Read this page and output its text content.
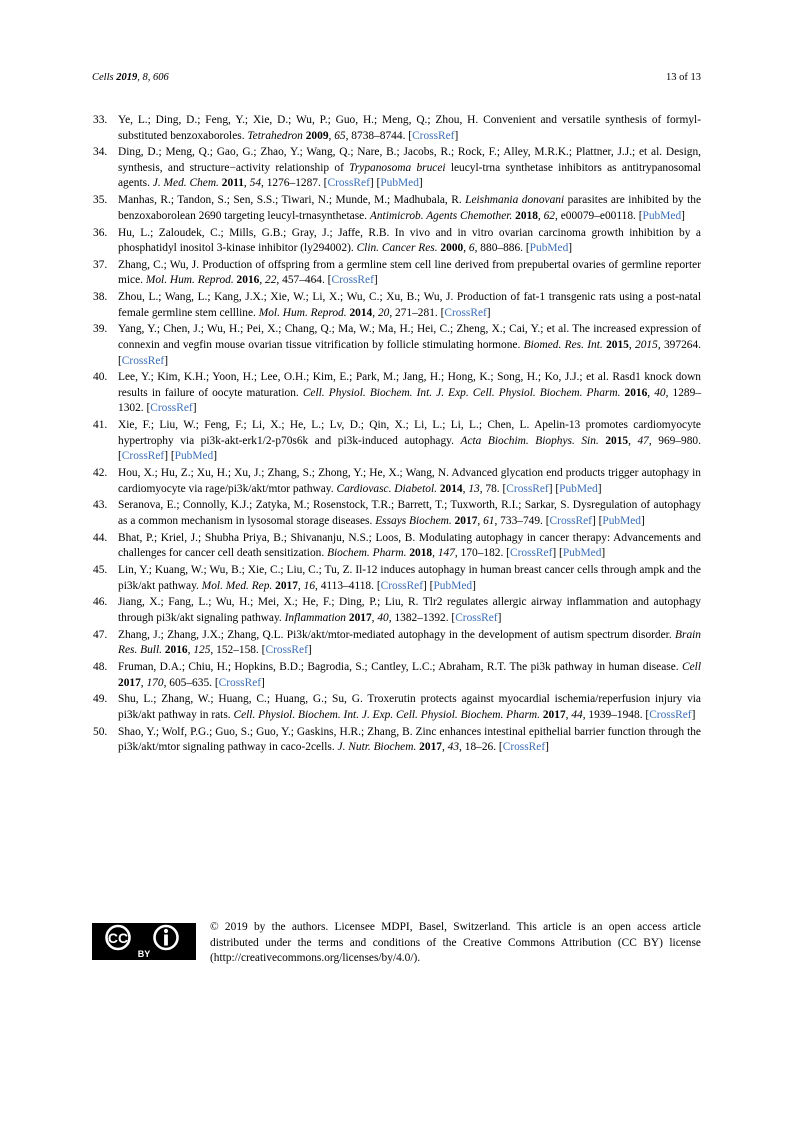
Cells 2019, 8, 606	13 of 13
33. Ye, L.; Ding, D.; Feng, Y.; Xie, D.; Wu, P.; Guo, H.; Meng, Q.; Zhou, H. Convenient and versatile synthesis of formyl-substituted benzoxaboroles. Tetrahedron 2009, 65, 8738–8744. [CrossRef]
34. Ding, D.; Meng, Q.; Gao, G.; Zhao, Y.; Wang, Q.; Nare, B.; Jacobs, R.; Rock, F.; Alley, M.R.K.; Plattner, J.J.; et al. Design, synthesis, and structure−activity relationship of Trypanosoma brucei leucyl-trna synthetase inhibitors as antitrypanosomal agents. J. Med. Chem. 2011, 54, 1276–1287. [CrossRef] [PubMed]
35. Manhas, R.; Tandon, S.; Sen, S.S.; Tiwari, N.; Munde, M.; Madhubala, R. Leishmania donovani parasites are inhibited by the benzoxaborolean 2690 targeting leucyl-trnasynthetase. Antimicrob. Agents Chemother. 2018, 62, e00079–e00118. [PubMed]
36. Hu, L.; Zaloudek, C.; Mills, G.B.; Gray, J.; Jaffe, R.B. In vivo and in vitro ovarian carcinoma growth inhibition by a phosphatidyl inositol 3-kinase inhibitor (ly294002). Clin. Cancer Res. 2000, 6, 880–886. [PubMed]
37. Zhang, C.; Wu, J. Production of offspring from a germline stem cell line derived from prepubertal ovaries of germline reporter mice. Mol. Hum. Reprod. 2016, 22, 457–464. [CrossRef]
38. Zhou, L.; Wang, L.; Kang, J.X.; Xie, W.; Li, X.; Wu, C.; Xu, B.; Wu, J. Production of fat-1 transgenic rats using a post-natal female germline stem cellline. Mol. Hum. Reprod. 2014, 20, 271–281. [CrossRef]
39. Yang, Y.; Chen, J.; Wu, H.; Pei, X.; Chang, Q.; Ma, W.; Ma, H.; Hei, C.; Zheng, X.; Cai, Y.; et al. The increased expression of connexin and vegfin mouse ovarian tissue vitrification by follicle stimulating hormone. Biomed. Res. Int. 2015, 2015, 397264. [CrossRef]
40. Lee, Y.; Kim, K.H.; Yoon, H.; Lee, O.H.; Kim, E.; Park, M.; Jang, H.; Hong, K.; Song, H.; Ko, J.J.; et al. Rasd1 knock down results in failure of oocyte maturation. Cell. Physiol. Biochem. Int. J. Exp. Cell. Physiol. Biochem. Pharm. 2016, 40, 1289–1302. [CrossRef]
41. Xie, F.; Liu, W.; Feng, F.; Li, X.; He, L.; Lv, D.; Qin, X.; Li, L.; Li, L.; Chen, L. Apelin-13 promotes cardiomyocyte hypertrophy via pi3k-akt-erk1/2-p70s6k and pi3k-induced autophagy. Acta Biochim. Biophys. Sin. 2015, 47, 969–980. [CrossRef] [PubMed]
42. Hou, X.; Hu, Z.; Xu, H.; Xu, J.; Zhang, S.; Zhong, Y.; He, X.; Wang, N. Advanced glycation end products trigger autophagy in cardiomyocyte via rage/pi3k/akt/mtor pathway. Cardiovasc. Diabetol. 2014, 13, 78. [CrossRef] [PubMed]
43. Seranova, E.; Connolly, K.J.; Zatyka, M.; Rosenstock, T.R.; Barrett, T.; Tuxworth, R.I.; Sarkar, S. Dysregulation of autophagy as a common mechanism in lysosomal storage diseases. Essays Biochem. 2017, 61, 733–749. [CrossRef] [PubMed]
44. Bhat, P.; Kriel, J.; Shubha Priya, B.; Shivananju, N.S.; Loos, B. Modulating autophagy in cancer therapy: Advancements and challenges for cancer cell death sensitization. Biochem. Pharm. 2018, 147, 170–182. [CrossRef] [PubMed]
45. Lin, Y.; Kuang, W.; Wu, B.; Xie, C.; Liu, C.; Tu, Z. Il-12 induces autophagy in human breast cancer cells through ampk and the pi3k/akt pathway. Mol. Med. Rep. 2017, 16, 4113–4118. [CrossRef] [PubMed]
46. Jiang, X.; Fang, L.; Wu, H.; Mei, X.; He, F.; Ding, P.; Liu, R. Tlr2 regulates allergic airway inflammation and autophagy through pi3k/akt signaling pathway. Inflammation 2017, 40, 1382–1392. [CrossRef]
47. Zhang, J.; Zhang, J.X.; Zhang, Q.L. Pi3k/akt/mtor-mediated autophagy in the development of autism spectrum disorder. Brain Res. Bull. 2016, 125, 152–158. [CrossRef]
48. Fruman, D.A.; Chiu, H.; Hopkins, B.D.; Bagrodia, S.; Cantley, L.C.; Abraham, R.T. The pi3k pathway in human disease. Cell 2017, 170, 605–635. [CrossRef]
49. Shu, L.; Zhang, W.; Huang, C.; Huang, G.; Su, G. Troxerutin protects against myocardial ischemia/reperfusion injury via pi3k/akt pathway in rats. Cell. Physiol. Biochem. Int. J. Exp. Cell. Physiol. Biochem. Pharm. 2017, 44, 1939–1948. [CrossRef]
50. Shao, Y.; Wolf, P.G.; Guo, S.; Guo, Y.; Gaskins, H.R.; Zhang, B. Zinc enhances intestinal epithelial barrier function through the pi3k/akt/mtor signaling pathway in caco-2cells. J. Nutr. Biochem. 2017, 43, 18–26. [CrossRef]
CC
BY
© 2019 by the authors. Licensee MDPI, Basel, Switzerland. This article is an open access article distributed under the terms and conditions of the Creative Commons Attribution (CC BY) license (http://creativecommons.org/licenses/by/4.0/).
